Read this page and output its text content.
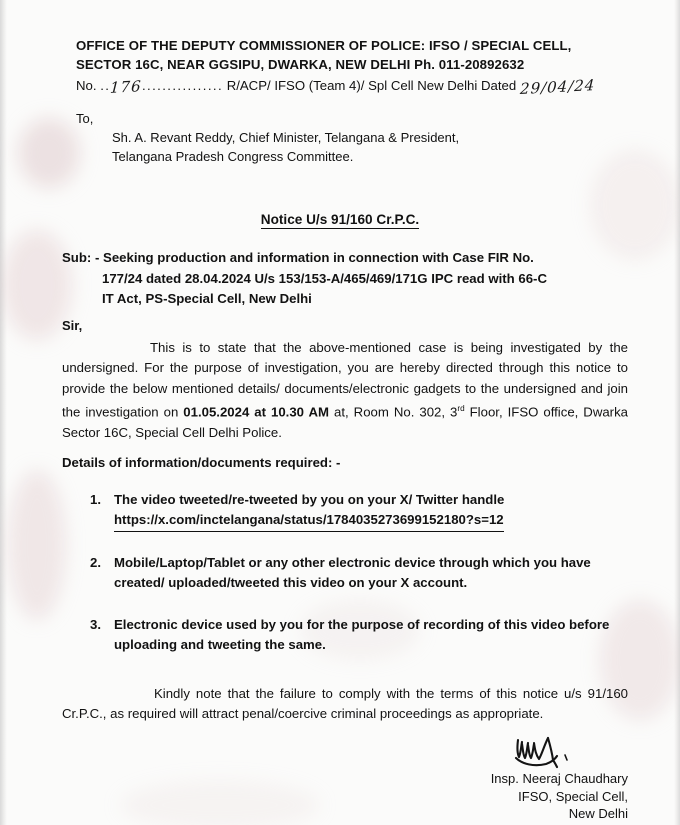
OFFICE OF THE DEPUTY COMMISSIONER OF POLICE: IFSO / SPECIAL CELL,
SECTOR 16C, NEAR GGSIPU, DWARKA, NEW DELHI Ph. 011-20892632
No. ..176................ R/ACP/ IFSO (Team 4)/ Spl Cell New Delhi Dated 29/04/24
To,
Sh. A. Revant Reddy, Chief Minister, Telangana & President,
Telangana Pradesh Congress Committee.
Notice U/s 91/160 Cr.P.C.
Sub: - Seeking production and information in connection with Case FIR No.
177/24 dated 28.04.2024 U/s 153/153-A/465/469/171G IPC read with 66-C
IT Act, PS-Special Cell, New Delhi
Sir,
This is to state that the above-mentioned case is being investigated by the undersigned. For the purpose of investigation, you are hereby directed through this notice to provide the below mentioned details/ documents/electronic gadgets to the undersigned and join the investigation on 01.05.2024 at 10.30 AM at, Room No. 302, 3rd Floor, IFSO office, Dwarka Sector 16C, Special Cell Delhi Police.
Details of information/documents required: -
1. The video tweeted/re-tweeted by you on your X/ Twitter handle
https://x.com/inctelangana/status/1784035273699152180?s=12
2. Mobile/Laptop/Tablet or any other electronic device through which you have created/ uploaded/tweeted this video on your X account.
3. Electronic device used by you for the purpose of recording of this video before uploading and tweeting the same.
Kindly note that the failure to comply with the terms of this notice u/s 91/160 Cr.P.C., as required will attract penal/coercive criminal proceedings as appropriate.
Insp. Neeraj Chaudhary
IFSO, Special Cell,
New Delhi
